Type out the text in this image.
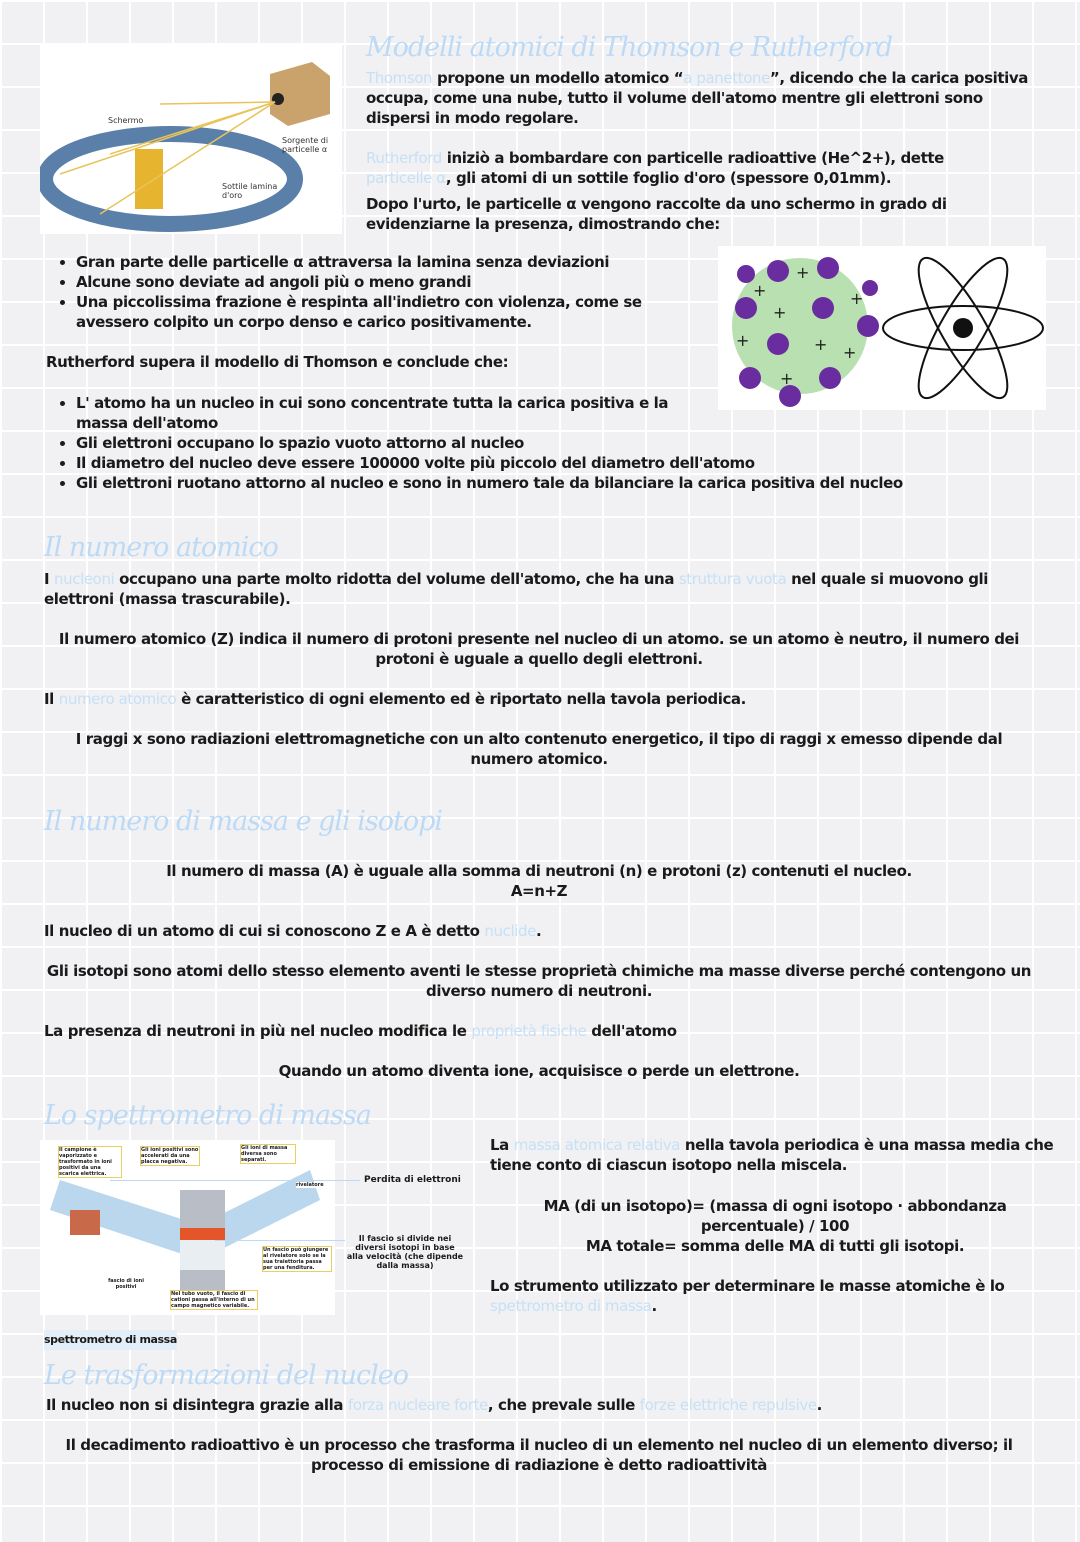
Schermo
Sorgente di particelle α
Sottile lamina d'oro
Modelli atomici di Thomson e Rutherford
Thomson propone un modello atomico “a panettone”, dicendo che la carica positiva occupa, come una nube, tutto il volume dell'atomo mentre gli elettroni sono dispersi in modo regolare.
Rutherford iniziò a bombardare con particelle radioattive (He^2+), dette particelle α, gli atomi di un sottile foglio d'oro (spessore 0,01mm).
Dopo l'urto, le particelle α vengono raccolte da uno schermo in grado di evidenziarne la presenza, dimostrando che:
• Gran parte delle particelle α attraversa la lamina senza deviazioni
• Alcune sono deviate ad angoli più o meno grandi
• Una piccolissima frazione è respinta all'indietro con violenza, come se avessero colpito un corpo denso e carico positivamente.
Rutherford supera il modello di Thomson e conclude che:
+
+
+
+	+ +
+
+
• L' atomo ha un nucleo in cui sono concentrate tutta la carica positiva e la massa dell'atomo
• Gli elettroni occupano lo spazio vuoto attorno al nucleo
• Il diametro del nucleo deve essere 100000 volte più piccolo del diametro dell'atomo
• Gli elettroni ruotano attorno al nucleo e sono in numero tale da bilanciare la carica positiva del nucleo
Il numero atomico
I nucleoni occupano una parte molto ridotta del volume dell'atomo, che ha una struttura vuota nel quale si muovono gli elettroni (massa trascurabile).
Il numero atomico (Z) indica il numero di protoni presente nel nucleo di un atomo. se un atomo è neutro, il numero dei protoni è uguale a quello degli elettroni.
Il numero atomico è caratteristico di ogni elemento ed è riportato nella tavola periodica.
I raggi x sono radiazioni elettromagnetiche con un alto contenuto energetico, il tipo di raggi x emesso dipende dal numero atomico.
Il numero di massa e gli isotopi
Il numero di massa (A) è uguale alla somma di neutroni (n) e protoni (z) contenuti el nucleo.
A=n+Z
Il nucleo di un atomo di cui si conoscono Z e A è detto nuclide.
Gli isotopi sono atomi dello stesso elemento aventi le stesse proprietà chimiche ma masse diverse perché contengono un diverso numero di neutroni.
La presenza di neutroni in più nel nucleo modifica le proprietà fisiche dell'atomo
Quando un atomo diventa ione, acquisisce o perde un elettrone.
Lo spettrometro di massa
Il campione è vaporizzato e trasformato in ioni positivi da una scarica elettrica.
Gli ioni positivi sono accelerati da una placca negativa.
Gli ioni di massa diversa sono separati.
rivelatore
Un fascio può giungere al rivelatore solo se la sua traiettoria passa per una fenditura.
Nel tubo vuoto, il fascio di cationi passa all'interno di un campo magnetico variabile.
fascio di ioni positivi
Perdita di elettroni
Il fascio si divide nei diversi isotopi in base alla velocità (che dipende dalla massa)
spettrometro di massa
La massa atomica relativa nella tavola periodica è una massa media che tiene conto di ciascun isotopo nella miscela.
MA (di un isotopo)= (massa di ogni isotopo · abbondanza percentuale) / 100
MA totale= somma delle MA di tutti gli isotopi.
Lo strumento utilizzato per determinare le masse atomiche è lo spettrometro di massa.
Le trasformazioni del nucleo
Il nucleo non si disintegra grazie alla forza nucleare forte, che prevale sulle forze elettriche repulsive.
Il decadimento radioattivo è un processo che trasforma il nucleo di un elemento nel nucleo di un elemento diverso; il processo di emissione di radiazione è detto radioattività
